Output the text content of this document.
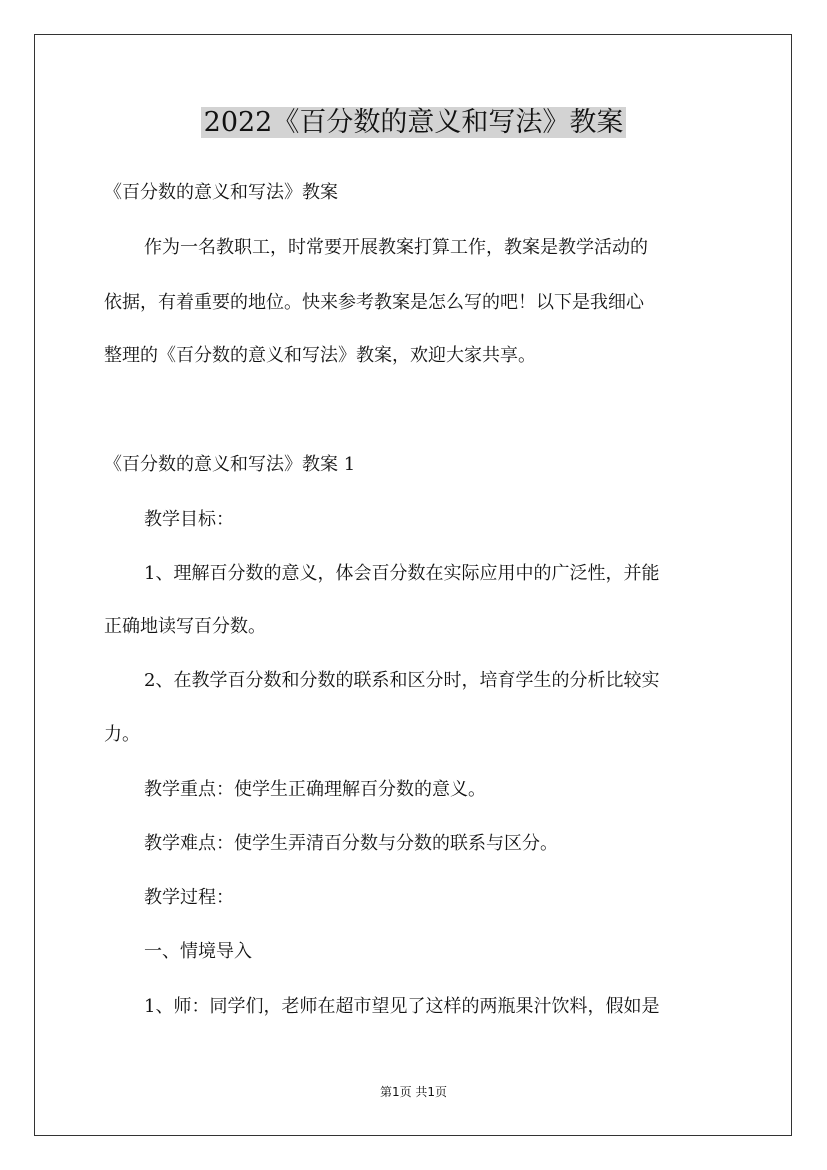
2022《百分数的意义和写法》教案
《百分数的意义和写法》教案
作为一名教职工，时常要开展教案打算工作，教案是教学活动的
依据，有着重要的地位。快来参考教案是怎么写的吧！以下是我细心
整理的《百分数的意义和写法》教案，欢迎大家共享。
《百分数的意义和写法》教案 1
教学目标：
1、理解百分数的意义，体会百分数在实际应用中的广泛性，并能
正确地读写百分数。
2、在教学百分数和分数的联系和区分时，培育学生的分析比较实
力。
教学重点：使学生正确理解百分数的意义。
教学难点：使学生弄清百分数与分数的联系与区分。
教学过程：
一、情境导入
1、师：同学们，老师在超市望见了这样的两瓶果汁饮料，假如是
第1页 共1页
